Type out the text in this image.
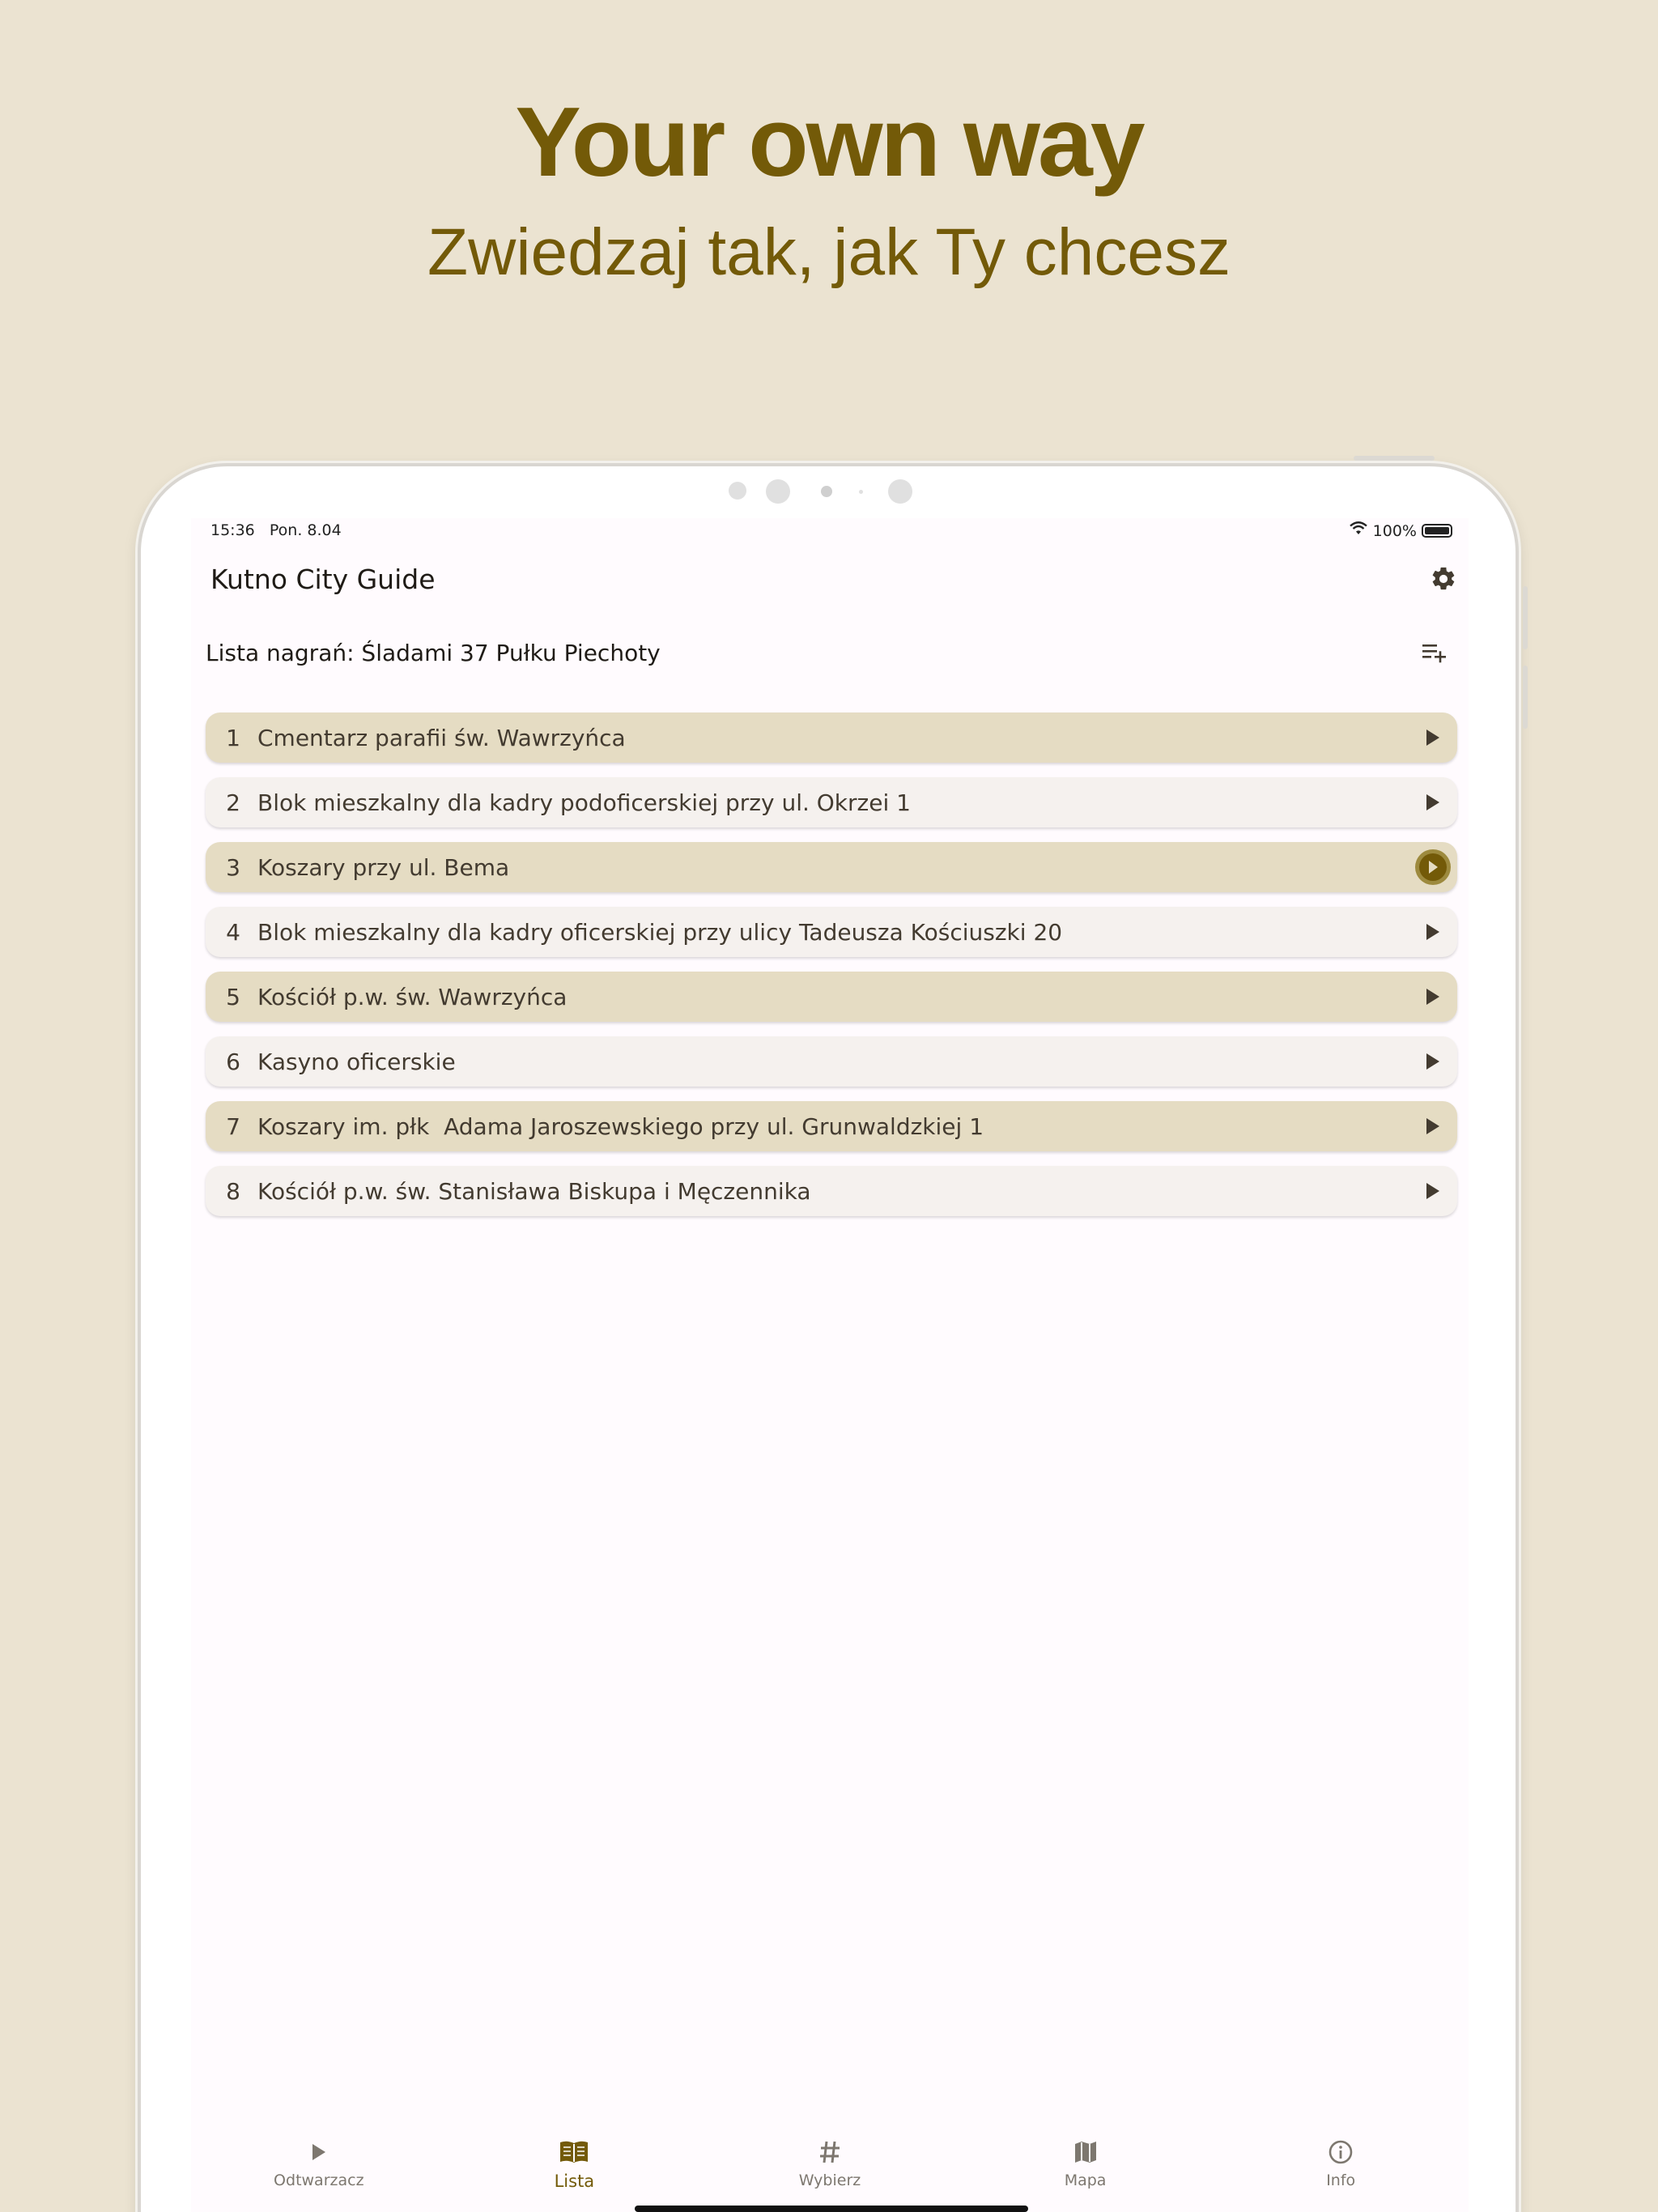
Your own way
Zwiedzaj tak, jak Ty chcesz
15:36 Pon. 8.04	100%
Kutno City Guide
Lista nagrań: Śladami 37 Pułku Piechoty
1 Cmentarz parafii św. Wawrzyńca
2 Blok mieszkalny dla kadry podoficerskiej przy ul. Okrzei 1
3 Koszary przy ul. Bema
4 Blok mieszkalny dla kadry oficerskiej przy ulicy Tadeusza Kościuszki 20
5 Kościół p.w. św. Wawrzyńca
6 Kasyno oficerskie
7 Koszary im. płk  Adama Jaroszewskiego przy ul. Grunwaldzkiej 1
8 Kościół p.w. św. Stanisława Biskupa i Męczennika
Odtwarzacz	Lista	Wybierz	Mapa	Info
